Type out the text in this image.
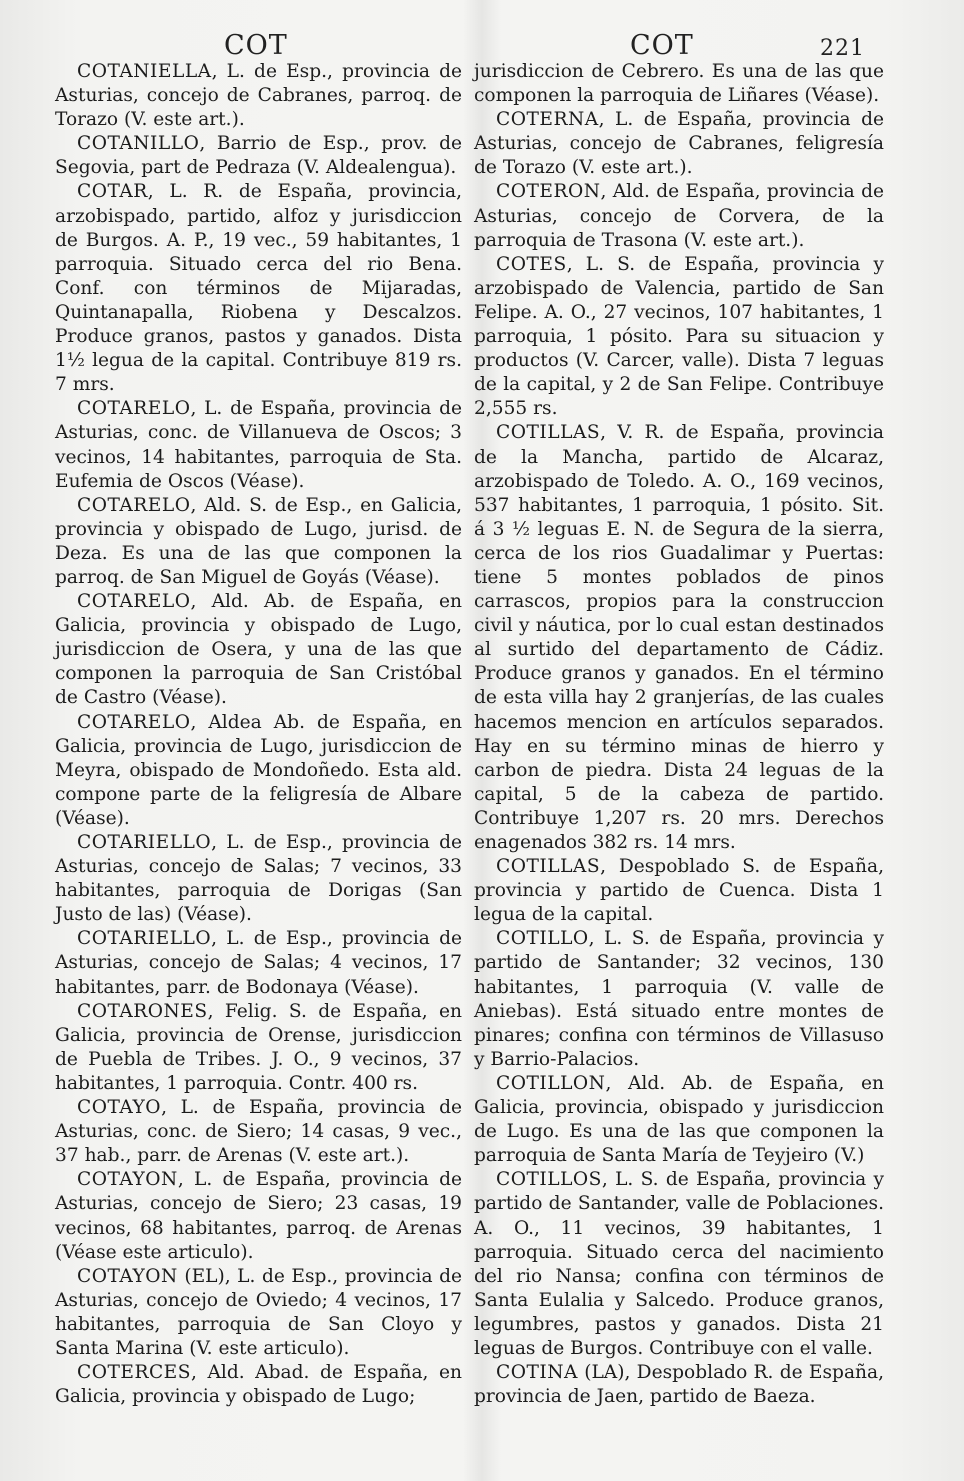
COT	COT	221

COTANIELLA, L. de Esp., provincia de Asturias, concejo de Cabranes, parroq. de Torazo (V. este art.).

COTANILLO, Barrio de Esp., prov. de Segovia, part de Pedraza (V. Aldealengua).

COTAR, L. R. de España, provincia, arzobispado, partido, alfoz y jurisdiccion de Burgos. A. P., 19 vec., 59 habitantes, 1 parroquia. Situado cerca del rio Bena. Conf. con términos de Mijaradas, Quintanapalla, Riobena y Descalzos. Produce granos, pastos y ganados. Dista 1½ legua de la capital. Contribuye 819 rs. 7 mrs.

COTARELO, L. de España, provincia de Asturias, conc. de Villanueva de Oscos; 3 vecinos, 14 habitantes, parroquia de Sta. Eufemia de Oscos (Véase).

COTARELO, Ald. S. de Esp., en Galicia, provincia y obispado de Lugo, jurisd. de Deza. Es una de las que componen la parroq. de San Miguel de Goyás (Véase).

COTARELO, Ald. Ab. de España, en Galicia, provincia y obispado de Lugo, jurisdiccion de Osera, y una de las que componen la parroquia de San Cristóbal de Castro (Véase).

COTARELO, Aldea Ab. de España, en Galicia, provincia de Lugo, jurisdiccion de Meyra, obispado de Mondoñedo. Esta ald. compone parte de la feligresía de Albare (Véase).

COTARIELLO, L. de Esp., provincia de Asturias, concejo de Salas; 7 vecinos, 33 habitantes, parroquia de Dorigas (San Justo de las) (Véase).

COTARIELLO, L. de Esp., provincia de Asturias, concejo de Salas; 4 vecinos, 17 habitantes, parr. de Bodonaya (Véase).

COTARONES, Felig. S. de España, en Galicia, provincia de Orense, jurisdiccion de Puebla de Tribes. J. O., 9 vecinos, 37 habitantes, 1 parroquia. Contr. 400 rs.

COTAYO, L. de España, provincia de Asturias, conc. de Siero; 14 casas, 9 vec., 37 hab., parr. de Arenas (V. este art.).

COTAYON, L. de España, provincia de Asturias, concejo de Siero; 23 casas, 19 vecinos, 68 habitantes, parroq. de Arenas (Véase este articulo).

COTAYON (EL), L. de Esp., provincia de Asturias, concejo de Oviedo; 4 vecinos, 17 habitantes, parroquia de San Cloyo y Santa Marina (V. este articulo).

COTERCES, Ald. Abad. de España, en Galicia, provincia y obispado de Lugo;

jurisdiccion de Cebrero. Es una de las que componen la parroquia de Liñares (Véase).

COTERNA, L. de España, provincia de Asturias, concejo de Cabranes, feligresía de Torazo (V. este art.).

COTERON, Ald. de España, provincia de Asturias, concejo de Corvera, de la parroquia de Trasona (V. este art.).

COTES, L. S. de España, provincia y arzobispado de Valencia, partido de San Felipe. A. O., 27 vecinos, 107 habitantes, 1 parroquia, 1 pósito. Para su situacion y productos (V. Carcer, valle). Dista 7 leguas de la capital, y 2 de San Felipe. Contribuye 2,555 rs.

COTILLAS, V. R. de España, provincia de la Mancha, partido de Alcaraz, arzobispado de Toledo. A. O., 169 vecinos, 537 habitantes, 1 parroquia, 1 pósito. Sit. á 3 ½ leguas E. N. de Segura de la sierra, cerca de los rios Guadalimar y Puertas: tiene 5 montes poblados de pinos carrascos, propios para la construccion civil y náutica, por lo cual estan destinados al surtido del departamento de Cádiz. Produce granos y ganados. En el término de esta villa hay 2 granjerías, de las cuales hacemos mencion en artículos separados. Hay en su término minas de hierro y carbon de piedra. Dista 24 leguas de la capital, 5 de la cabeza de partido. Contribuye 1,207 rs. 20 mrs. Derechos enagenados 382 rs. 14 mrs.

COTILLAS, Despoblado S. de España, provincia y partido de Cuenca. Dista 1 legua de la capital.

COTILLO, L. S. de España, provincia y partido de Santander; 32 vecinos, 130 habitantes, 1 parroquia (V. valle de Aniebas). Está situado entre montes de pinares; confina con términos de Villasuso y Barrio-Palacios.

COTILLON, Ald. Ab. de España, en Galicia, provincia, obispado y jurisdiccion de Lugo. Es una de las que componen la parroquia de Santa María de Teyjeiro (V.)

COTILLOS, L. S. de España, provincia y partido de Santander, valle de Poblaciones. A. O., 11 vecinos, 39 habitantes, 1 parroquia. Situado cerca del nacimiento del rio Nansa; confina con términos de Santa Eulalia y Salcedo. Produce granos, legumbres, pastos y ganados. Dista 21 leguas de Burgos. Contribuye con el valle.

COTINA (LA), Despoblado R. de España, provincia de Jaen, partido de Baeza.
